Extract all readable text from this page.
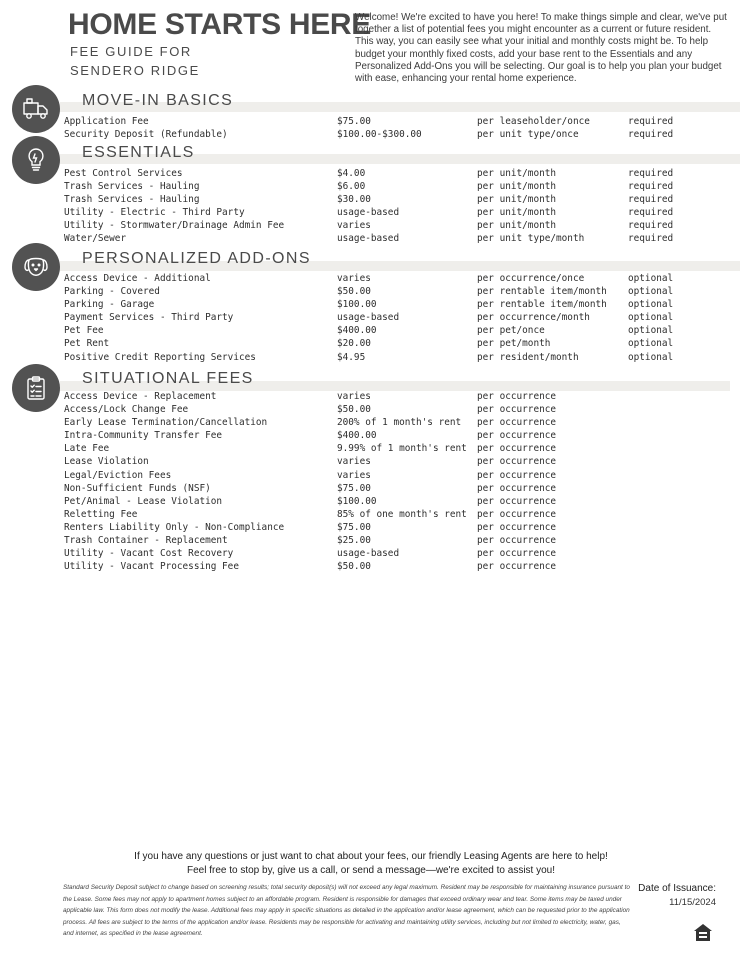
HOME STARTS HERE
FEE GUIDE FOR
SENDERO RIDGE

Welcome! We're excited to have you here! To make things simple and clear, we've put together a list of potential fees you might encounter as a current or future resident. This way, you can easily see what your initial and monthly costs might be. To help budget your monthly fixed costs, add your base rent to the Essentials and any Personalized Add-Ons you will be selecting. Our goal is to help you plan your budget with ease, enhancing your rental home experience.

MOVE-IN BASICS
Application Fee	$75.00	per leaseholder/once	required
Security Deposit (Refundable)	$100.00-$300.00	per unit type/once	required
ESSENTIALS
Pest Control Services	$4.00	per unit/month	required
Trash Services - Hauling	$6.00	per unit/month	required
Trash Services - Hauling	$30.00	per unit/month	required
Utility - Electric - Third Party	usage-based	per unit/month	required
Utility - Stormwater/Drainage Admin Fee	varies	per unit/month	required
Water/Sewer	usage-based	per unit type/month	required
PERSONALIZED ADD-ONS
Access Device - Additional	varies	per occurrence/once	optional
Parking - Covered	$50.00	per rentable item/month optional
Parking - Garage	$100.00	per rentable item/month optional
Payment Services - Third Party	usage-based	per occurrence/month	optional
Pet Fee	$400.00	per pet/once	optional
Pet Rent	$20.00	per pet/month	optional
Positive Credit Reporting Services	$4.95	per resident/month	optional
SITUATIONAL FEES
Access Device - Replacement	varies	per occurrence
Access/Lock Change Fee	$50.00	per occurrence
Early Lease Termination/Cancellation	200% of 1 month's rent per occurrence
Intra-Community Transfer Fee	$400.00	per occurrence
Late Fee	9.99% of 1 month's rent per occurrence
Lease Violation	varies	per occurrence
Legal/Eviction Fees	varies	per occurrence
Non-Sufficient Funds (NSF)	$75.00	per occurrence
Pet/Animal - Lease Violation	$100.00	per occurrence
Reletting Fee	85% of one month's rent per occurrence
Renters Liability Only - Non-Compliance	$75.00	per occurrence
Trash Container - Replacement	$25.00	per occurrence
Utility - Vacant Cost Recovery	usage-based	per occurrence
Utility - Vacant Processing Fee	$50.00	per occurrence

If you have any questions or just want to chat about your fees, our friendly Leasing Agents are here to help!
Feel free to stop by, give us a call, or send a message—we're excited to assist you!

Standard Security Deposit subject to change based on screening results; total security deposit(s) will not exceed any legal maximum. Resident may be responsible for maintaining insurance pursuant to the Lease. Some fees may not apply to apartment homes subject to an affordable program. Resident is responsible for damages that exceed ordinary wear and tear. Some items may be taxed under applicable law. This form does not modify the lease. Additional fees may apply in specific situations as detailed in the application and/or lease agreement, which can be requested prior to the application process. All fees are subject to the terms of the application and/or lease. Residents may be responsible for activating and maintaining utility services, including but not limited to electricity, water, gas, and internet, as specified in the lease agreement.

Date of Issuance:
11/15/2024
